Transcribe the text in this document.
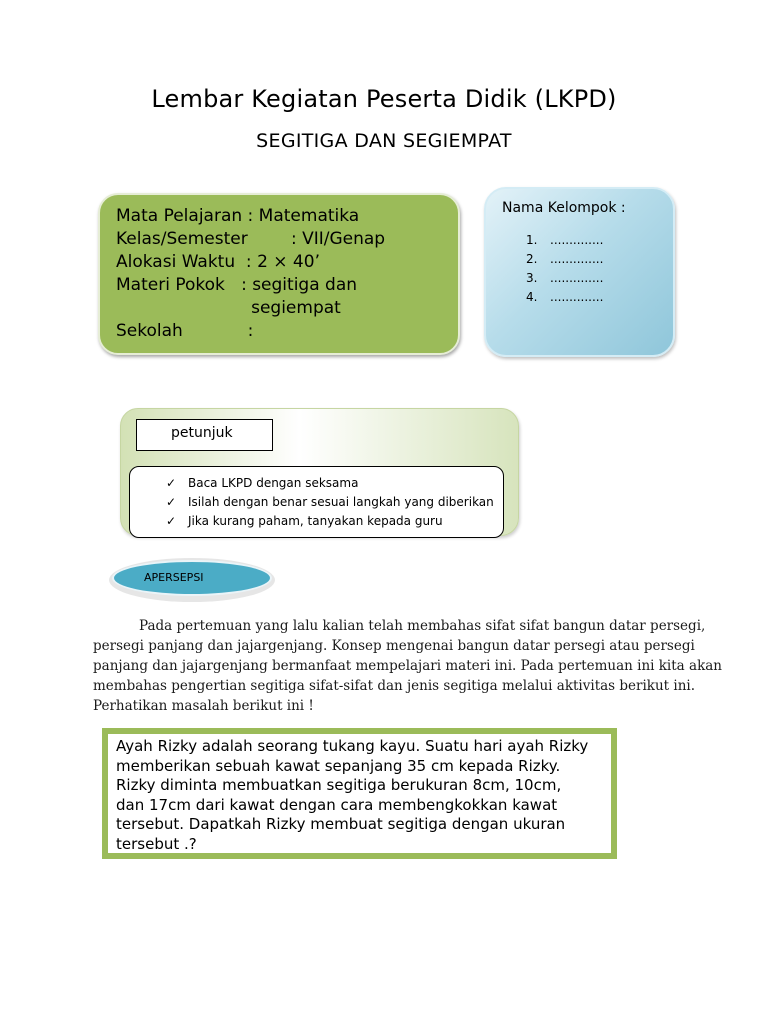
Lembar Kegiatan Peserta Didik (LKPD)
SEGITIGA DAN SEGIEMPAT
Mata Pelajaran : Matematika
Kelas/Semester        : VII/Genap
Alokasi Waktu  : 2 × 40’
Materi Pokok   : segitiga dan
segiempat
Sekolah            :
Nama Kelompok :
1. ..............
2. ..............
3. ..............
4. ..............
petunjuk
✓ Baca LKPD dengan seksama
✓ Isilah dengan benar sesuai langkah yang diberikan
✓ Jika kurang paham, tanyakan kepada guru
APERSEPSI
Pada pertemuan yang lalu kalian telah membahas sifat sifat bangun datar persegi,
persegi panjang dan jajargenjang. Konsep mengenai bangun datar persegi atau persegi
panjang dan jajargenjang bermanfaat mempelajari materi ini. Pada pertemuan ini kita akan
membahas pengertian segitiga sifat-sifat dan jenis segitiga melalui aktivitas berikut ini.
Perhatikan masalah berikut ini !
Ayah Rizky adalah seorang tukang kayu. Suatu hari ayah Rizky
memberikan sebuah kawat sepanjang 35 cm kepada Rizky.
Rizky diminta membuatkan segitiga berukuran 8cm, 10cm,
dan 17cm dari kawat dengan cara membengkokkan kawat
tersebut. Dapatkah Rizky membuat segitiga dengan ukuran
tersebut .?
